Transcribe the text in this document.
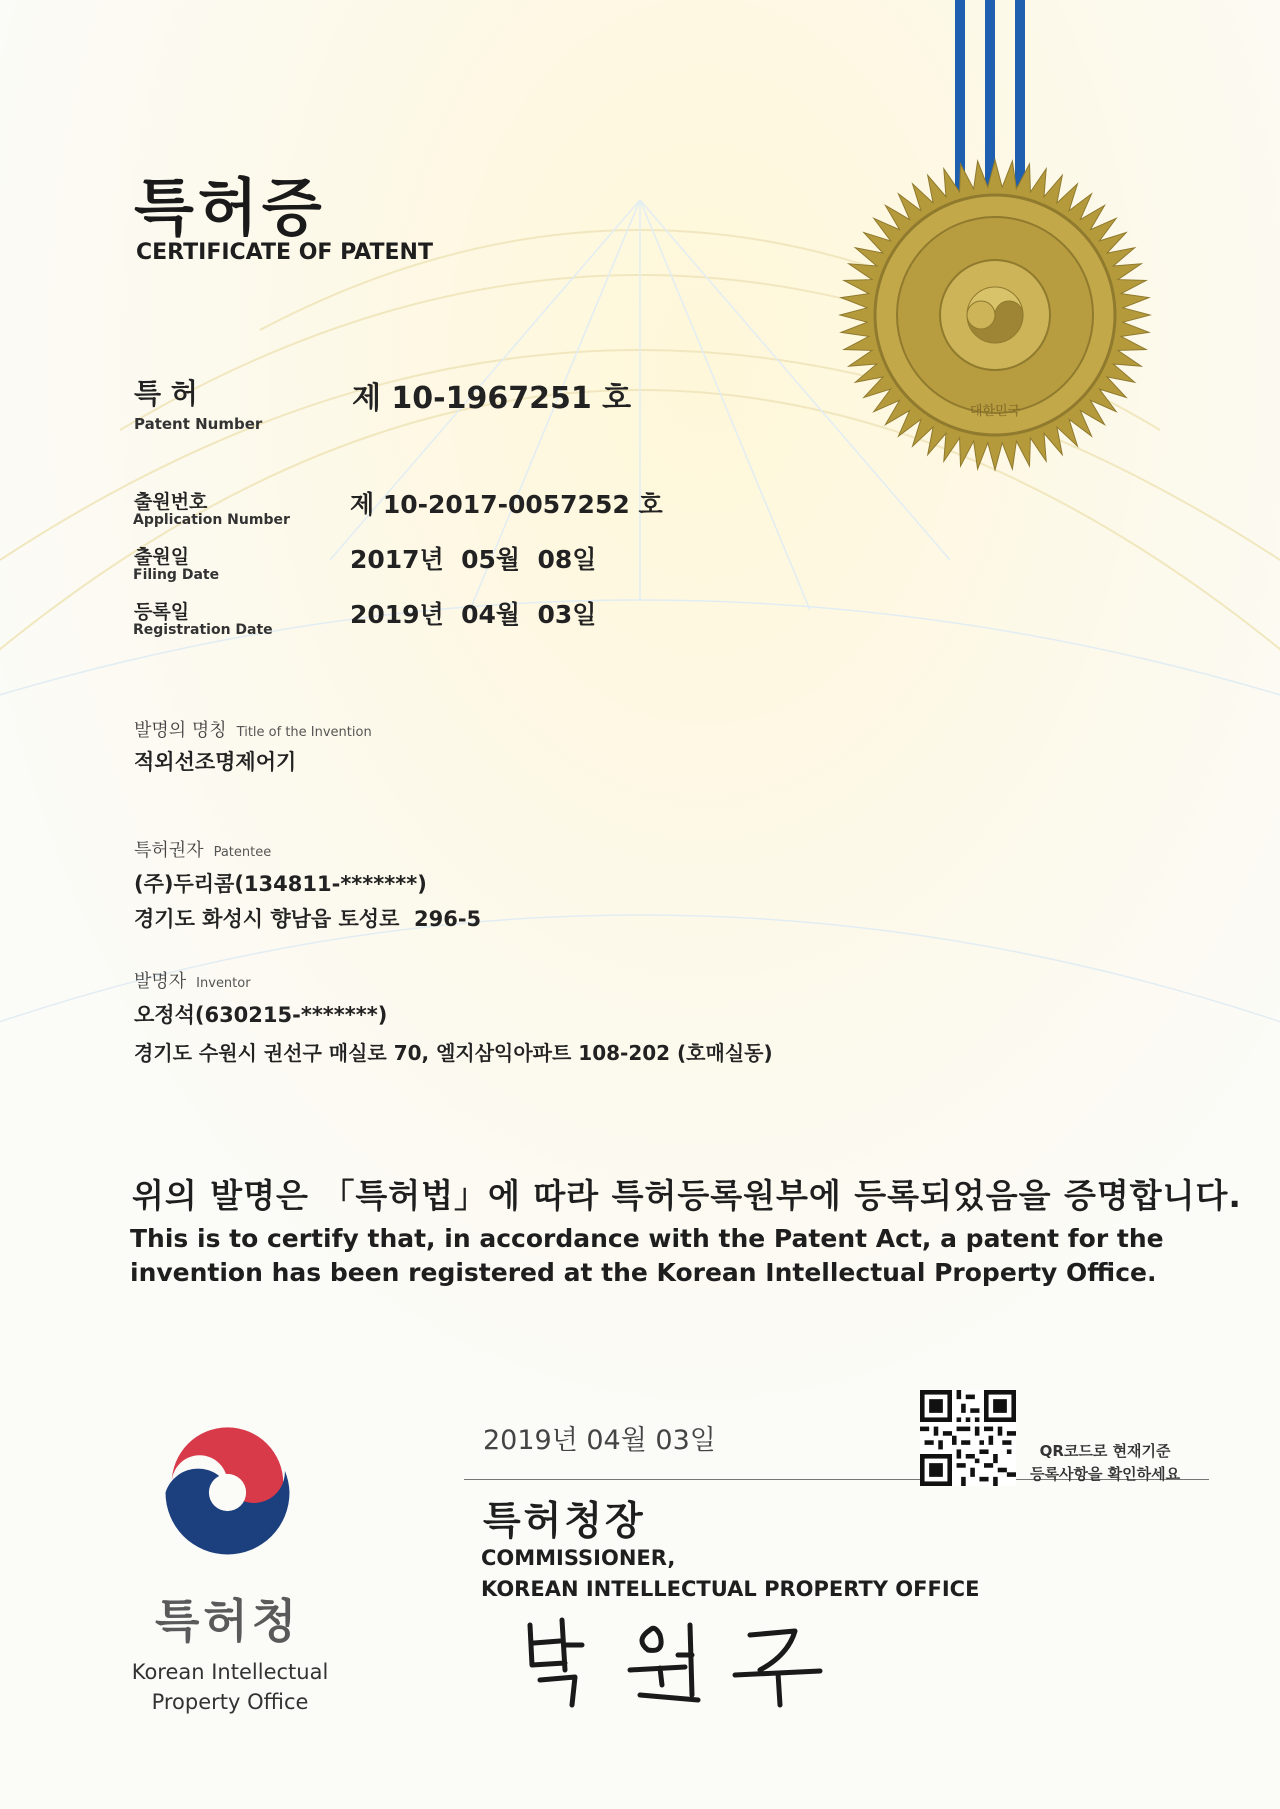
대한민국
특허증
CERTIFICATE OF PATENT
특 허
Patent Number
제 10-1967251 호
출원번호
Application Number
제 10-2017-0057252 호
출원일
Filing Date
2017년  05월  08일
등록일
Registration Date
2019년  04월  03일
발명의 명칭 Title of the Invention
적외선조명제어기
특허권자 Patentee
(주)두리콤(134811-*******)
경기도 화성시 향남읍 토성로  296-5
발명자 Inventor
오정석(630215-*******)
경기도 수원시 권선구 매실로 70, 엘지삼익아파트 108-202 (호매실동)
위의 발명은 「특허법」에 따라 특허등록원부에 등록되었음을 증명합니다.
This is to certify that, in accordance with the Patent Act, a patent for the invention has been registered at the Korean Intellectual Property Office.
2019년 04월 03일
특허청장
COMMISSIONER,
KOREAN INTELLECTUAL PROPERTY OFFICE
QR코드로 현재기준
등록사항을 확인하세요
특허청
Korean Intellectual
Property Office
